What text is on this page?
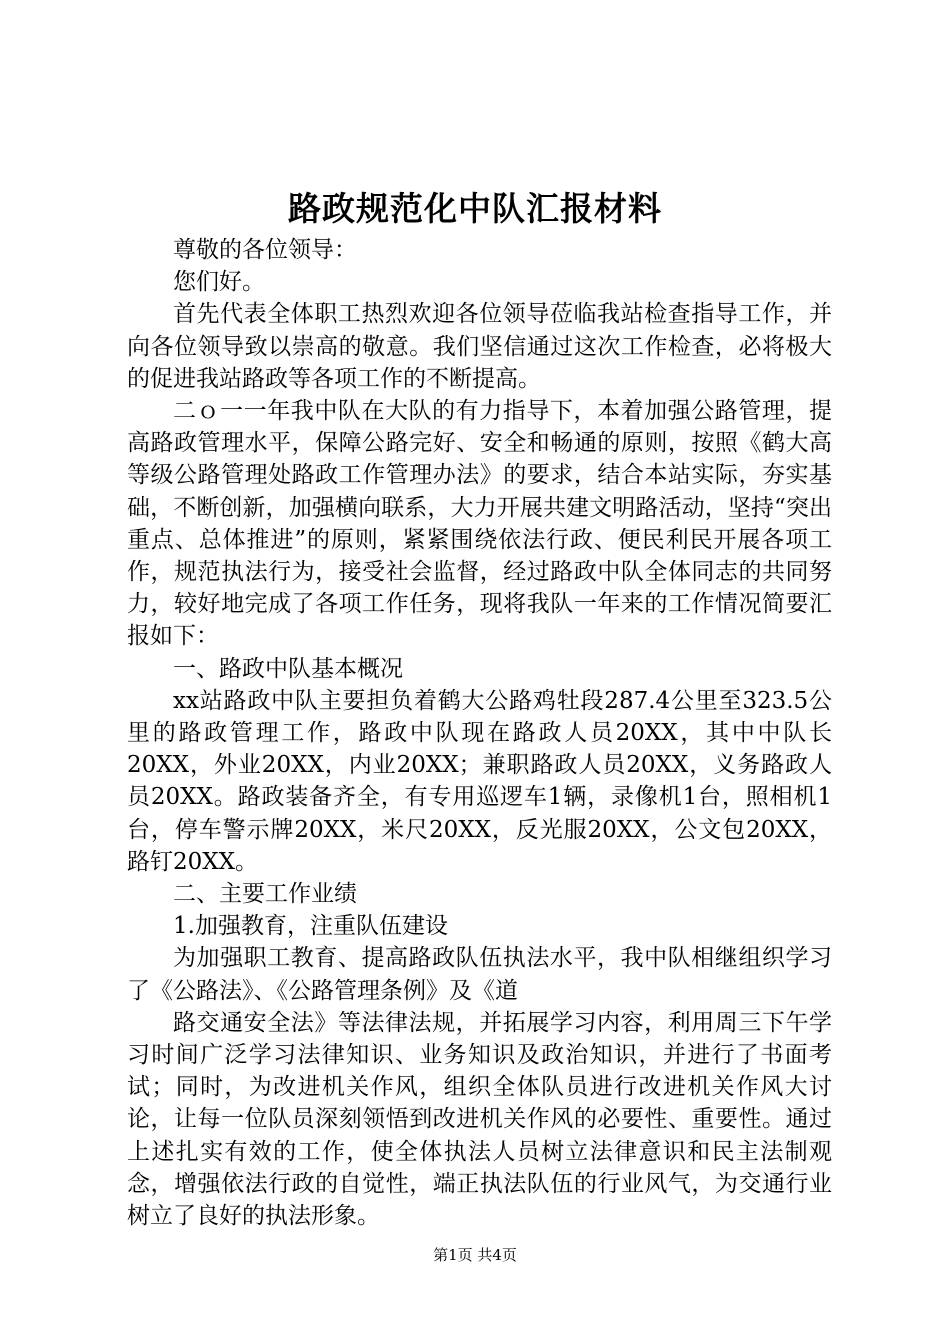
路政规范化中队汇报材料

尊敬的各位领导：

您们好。

首先代表全体职工热烈欢迎各位领导莅临我站检查指导工作，并向各位领导致以崇高的敬意。我们坚信通过这次工作检查，必将极大的促进我站路政等各项工作的不断提高。

二ｏ一一年我中队在大队的有力指导下，本着加强公路管理，提高路政管理水平，保障公路完好、安全和畅通的原则，按照《鹤大高等级公路管理处路政工作管理办法》的要求，结合本站实际，夯实基础，不断创新，加强横向联系，大力开展共建文明路活动，坚持“突出重点、总体推进”的原则，紧紧围绕依法行政、便民利民开展各项工作，规范执法行为，接受社会监督，经过路政中队全体同志的共同努力，较好地完成了各项工作任务，现将我队一年来的工作情况简要汇报如下：

一、路政中队基本概况

xx站路政中队主要担负着鹤大公路鸡牡段287.4公里至323.5公里的路政管理工作，路政中队现在路政人员20XX，其中中队长20XX，外业20XX，内业20XX；兼职路政人员20XX，义务路政人员20XX。路政装备齐全，有专用巡逻车1辆，录像机1台，照相机1台，停车警示牌20XX，米尺20XX，反光服20XX，公文包20XX，路钉20XX。

二、主要工作业绩

1.加强教育，注重队伍建设

为加强职工教育、提高路政队伍执法水平，我中队相继组织学习了《公路法》、《公路管理条例》及《道

路交通安全法》等法律法规，并拓展学习内容，利用周三下午学习时间广泛学习法律知识、业务知识及政治知识，并进行了书面考试；同时，为改进机关作风，组织全体队员进行改进机关作风大讨论，让每一位队员深刻领悟到改进机关作风的必要性、重要性。通过上述扎实有效的工作，使全体执法人员树立法律意识和民主法制观念，增强依法行政的自觉性，端正执法队伍的行业风气，为交通行业树立了良好的执法形象。

第1页 共4页
